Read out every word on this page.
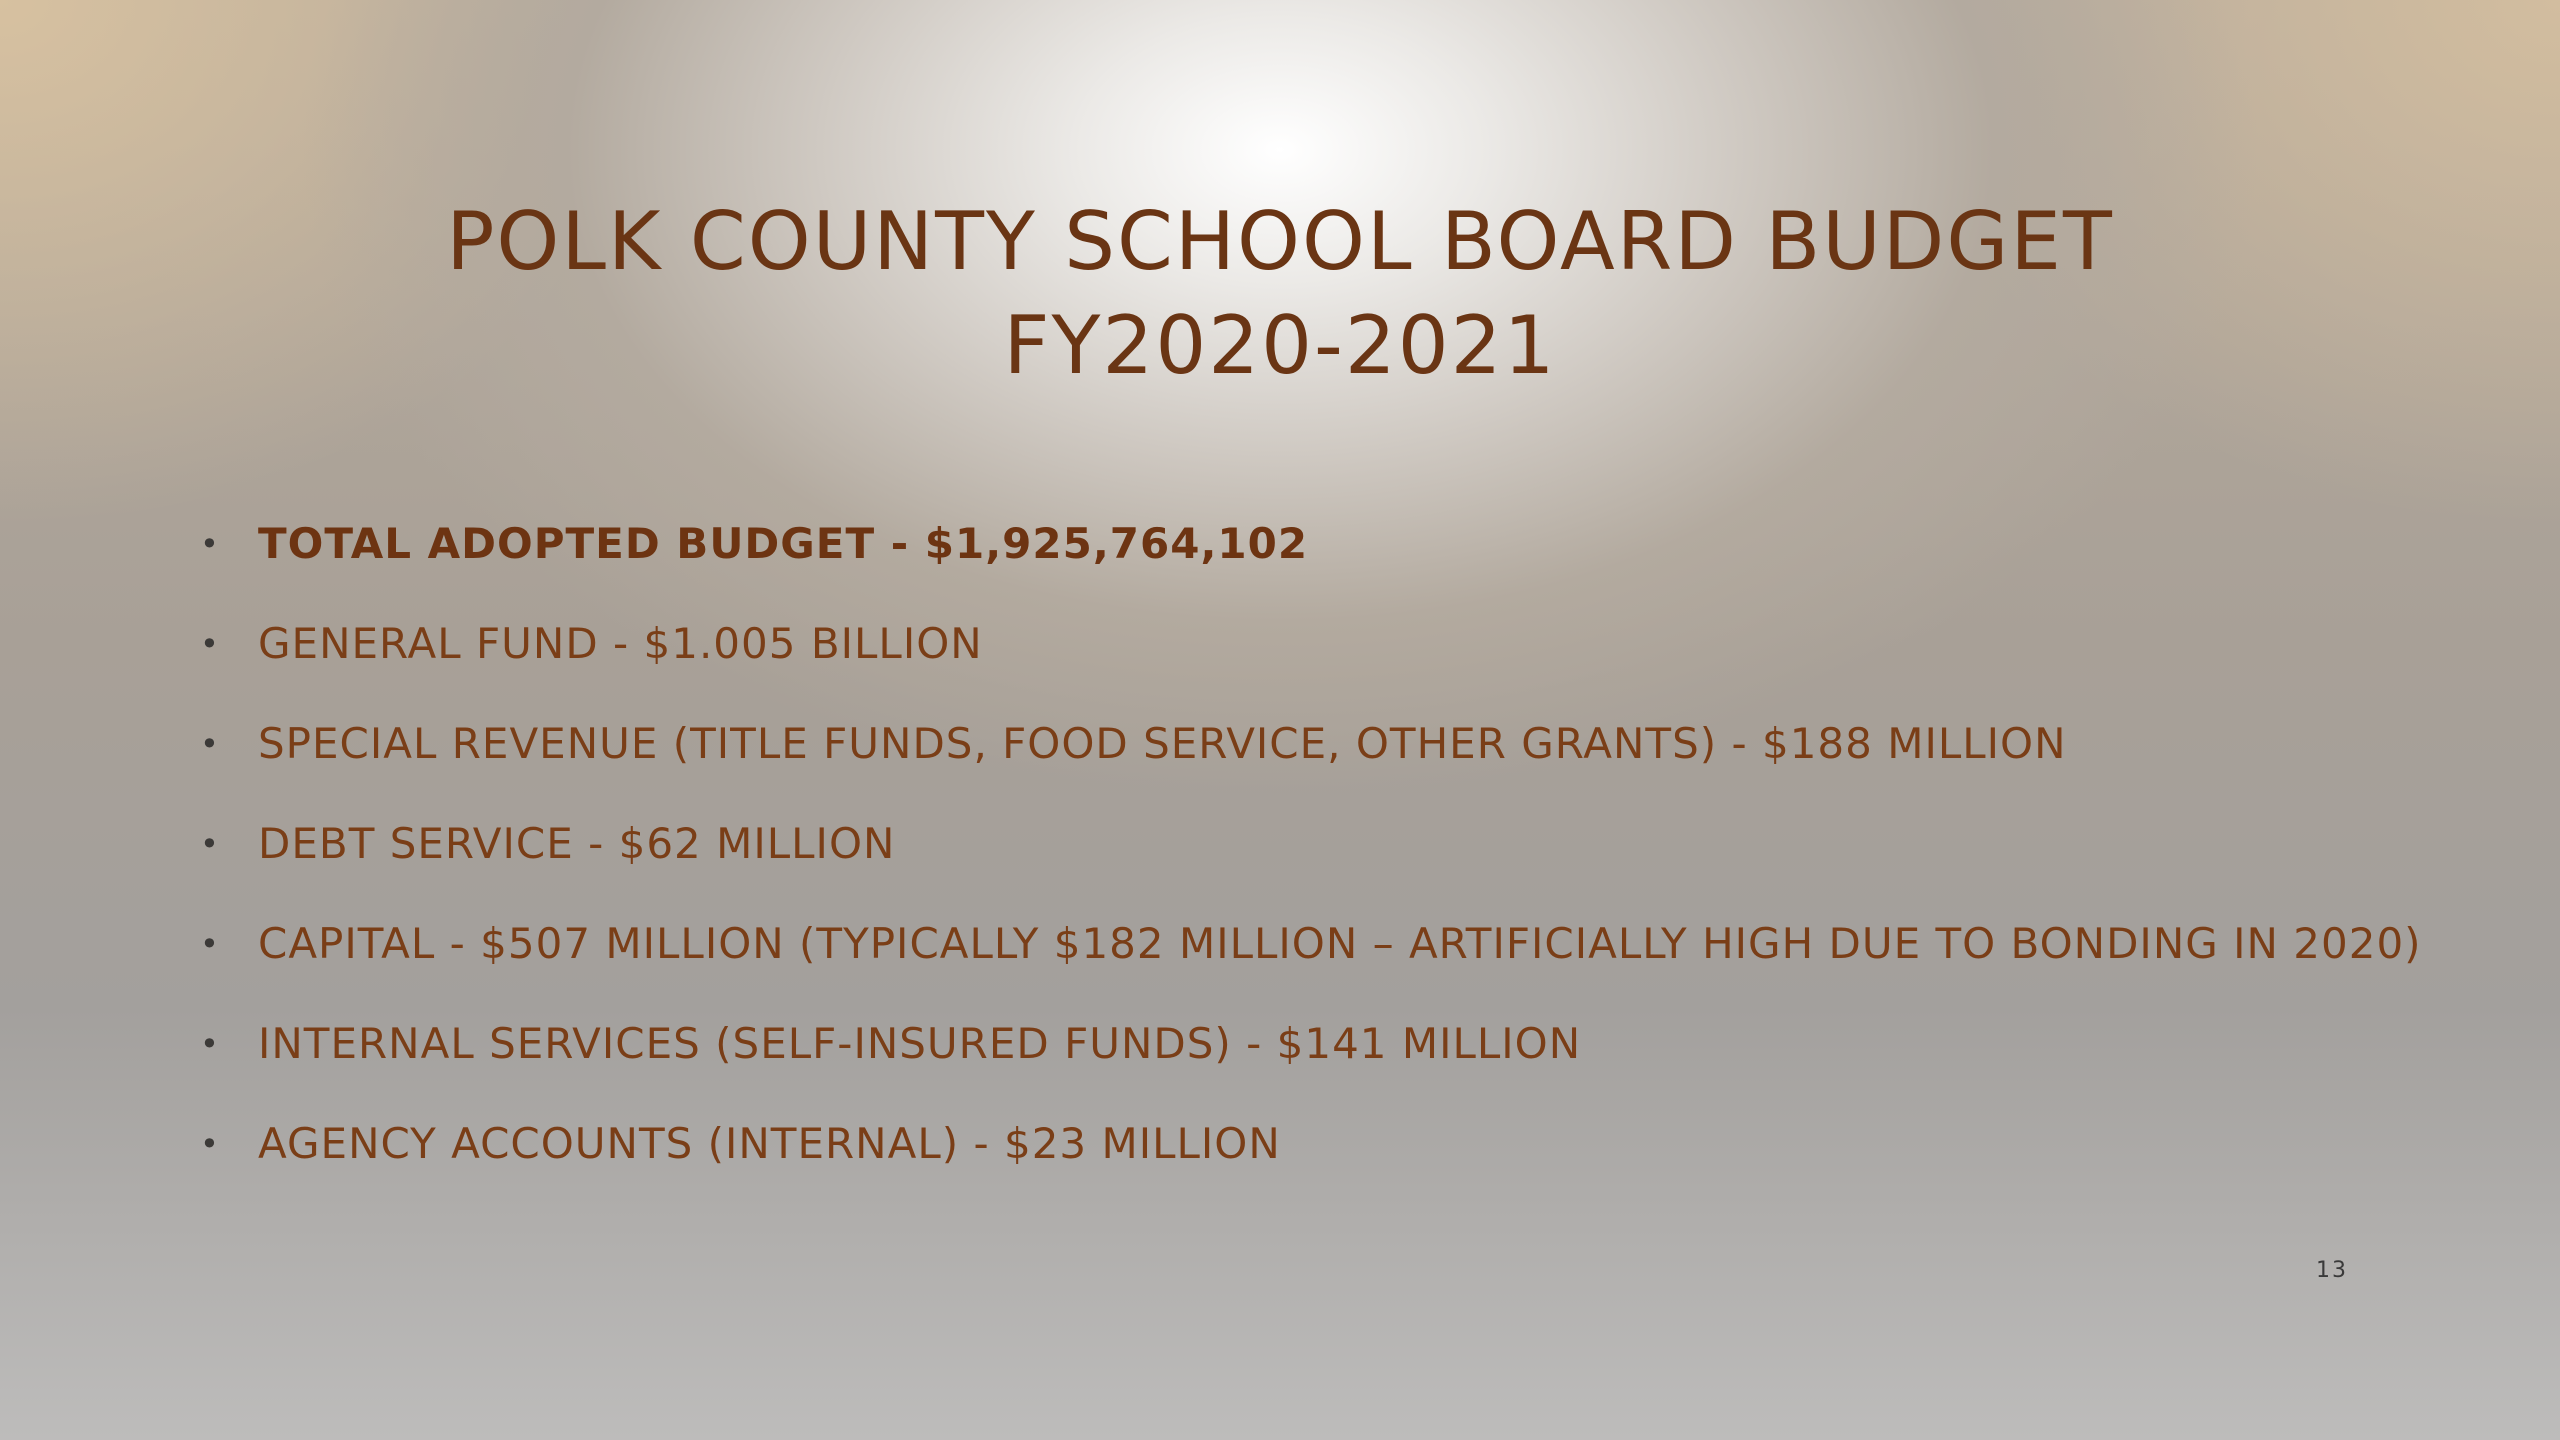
POLK COUNTY SCHOOL BOARD BUDGET
FY2020-2021
• TOTAL ADOPTED BUDGET - $1,925,764,102
• GENERAL FUND - $1.005 BILLION
• SPECIAL REVENUE (TITLE FUNDS, FOOD SERVICE, OTHER GRANTS) - $188 MILLION
• DEBT SERVICE - $62 MILLION
• CAPITAL - $507 MILLION (TYPICALLY $182 MILLION – ARTIFICIALLY HIGH DUE TO BONDING IN 2020)
• INTERNAL SERVICES (SELF-INSURED FUNDS) - $141 MILLION
• AGENCY ACCOUNTS (INTERNAL) - $23 MILLION
13
